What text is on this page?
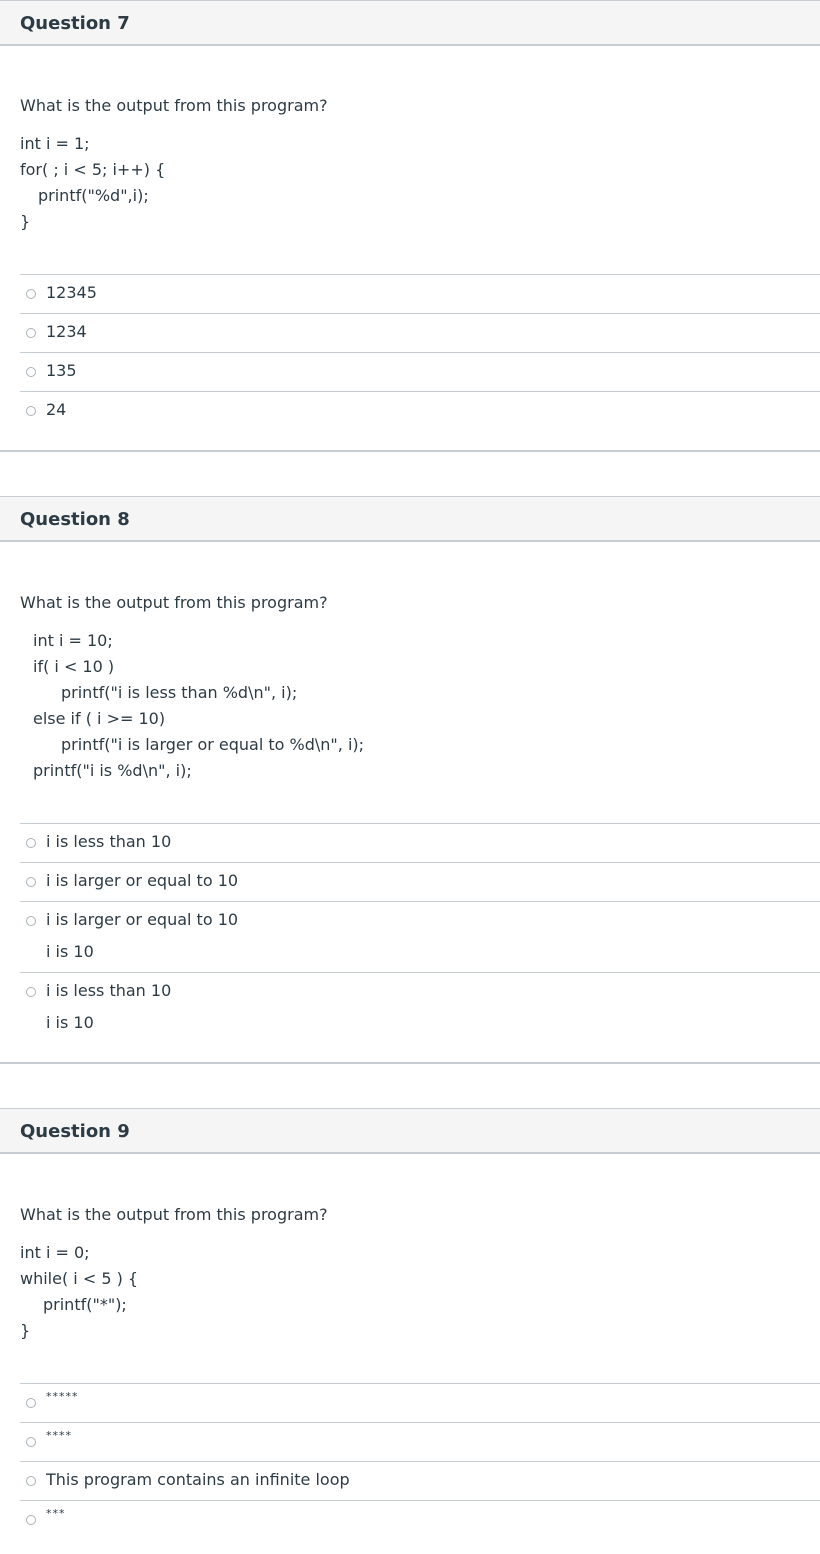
Question 7
What is the output from this program?
int i = 1;
for( ; i < 5; i++) {
printf("%d",i);
}
12345
1234
135
24
Question 8
What is the output from this program?
int i = 10;
if( i < 10 )
printf("i is less than %d\n", i);
else if ( i >= 10)
printf("i is larger or equal to %d\n", i);
printf("i is %d\n", i);
i is less than 10
i is larger or equal to 10
i is larger or equal to 10
i is 10
i is less than 10
i is 10
Question 9
What is the output from this program?
int i = 0;
while( i < 5 ) {
printf("*");
}
*****
****
This program contains an infinite loop
***
